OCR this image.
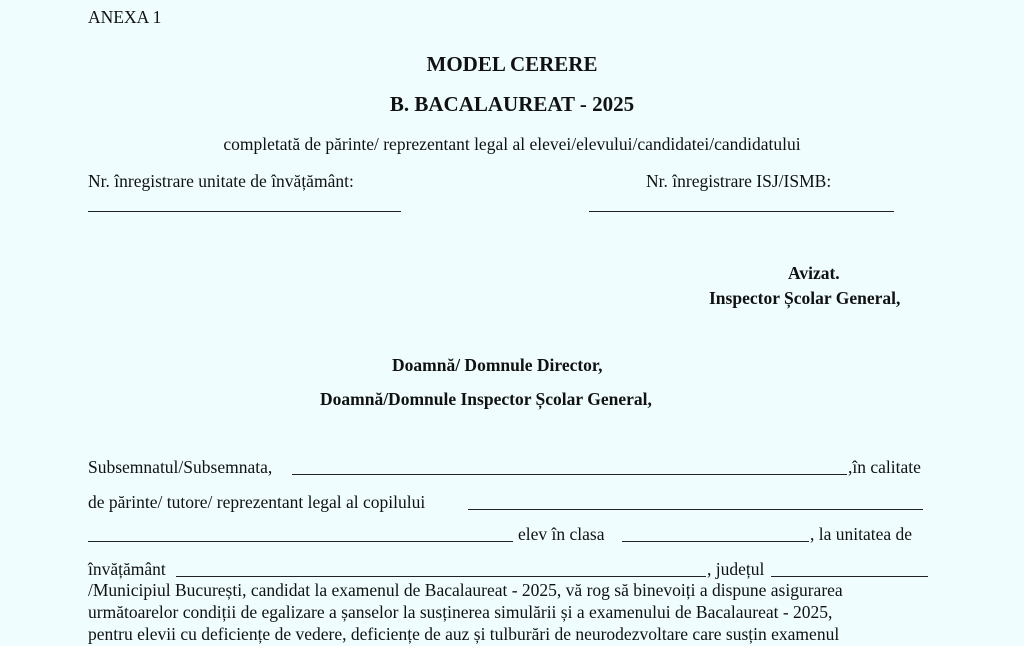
ANEXA 1
MODEL CERERE
B. BACALAUREAT - 2025
completată de părinte/ reprezentant legal al elevei/elevului/candidatei/candidatului
Nr. înregistrare unitate de învățământ:	Nr. înregistrare ISJ/ISMB:
Avizat.
Inspector Școlar General,
Doamnă/ Domnule Director,
Doamnă/Domnule Inspector Școlar General,
Subsemnatul/Subsemnata,	,în calitate
de părinte/ tutore/ reprezentant legal al copilului
elev în clasa	, la unitatea de
învățământ	, județul
/Municipiul București, candidat la examenul de Bacalaureat - 2025, vă rog să binevoiți a dispune asigurarea
următoarelor condiții de egalizare a șanselor la susținerea simulării și a examenului de Bacalaureat - 2025,
pentru elevii cu deficiențe de vedere, deficiențe de auz și tulburări de neurodezvoltare care susțin examenul
